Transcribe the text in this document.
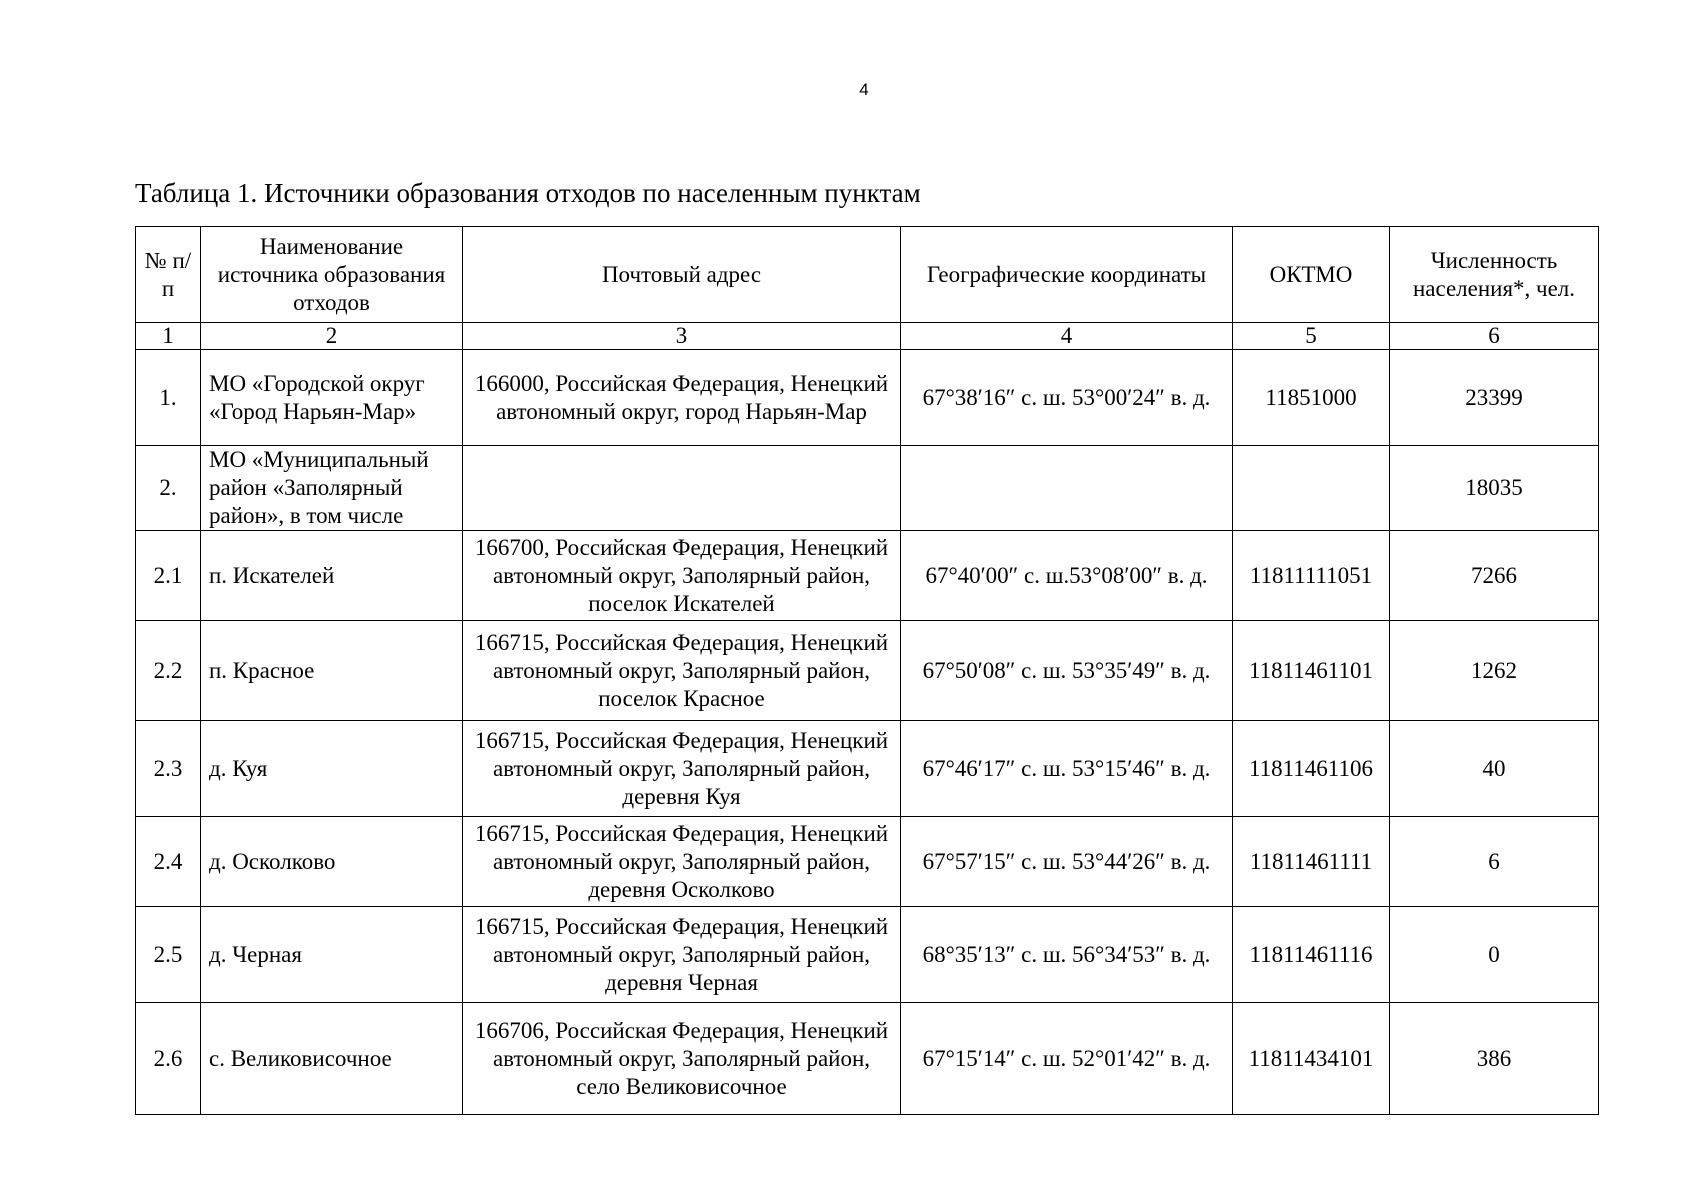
4
Таблица 1. Источники образования отходов по населенным пунктам
№ п/п	Наименование источника образования отходов	Почтовый адрес	Географические координаты	ОКТМО	Численность населения*, чел.
1	2	3	4	5	6
1.	МО «Городской округ «Город Нарьян-Мар»	166000, Российская Федерация, Ненецкий автономный округ, город Нарьян-Мар	67°38′16″ с. ш. 53°00′24″ в. д.	11851000	23399
2.	МО «Муниципальный район «Заполярный район», в том числе				18035
2.1	п. Искателей	166700, Российская Федерация, Ненецкий автономный округ, Заполярный район, поселок Искателей	67°40′00″ с. ш.53°08′00″ в. д.	11811111051	7266
2.2	п. Красное	166715, Российская Федерация, Ненецкий автономный округ, Заполярный район, поселок Красное	67°50′08″ с. ш. 53°35′49″ в. д.	11811461101	1262
2.3	д. Куя	166715, Российская Федерация, Ненецкий автономный округ, Заполярный район, деревня Куя	67°46′17″ с. ш. 53°15′46″ в. д.	11811461106	40
2.4	д. Осколково	166715, Российская Федерация, Ненецкий автономный округ, Заполярный район, деревня Осколково	67°57′15″ с. ш. 53°44′26″ в. д.	11811461111	6
2.5	д. Черная	166715, Российская Федерация, Ненецкий автономный округ, Заполярный район, деревня Черная	68°35′13″ с. ш. 56°34′53″ в. д.	11811461116	0
2.6	с. Великовисочное	166706, Российская Федерация, Ненецкий автономный округ, Заполярный район, село Великовисочное	67°15′14″ с. ш. 52°01′42″ в. д.	11811434101	386
